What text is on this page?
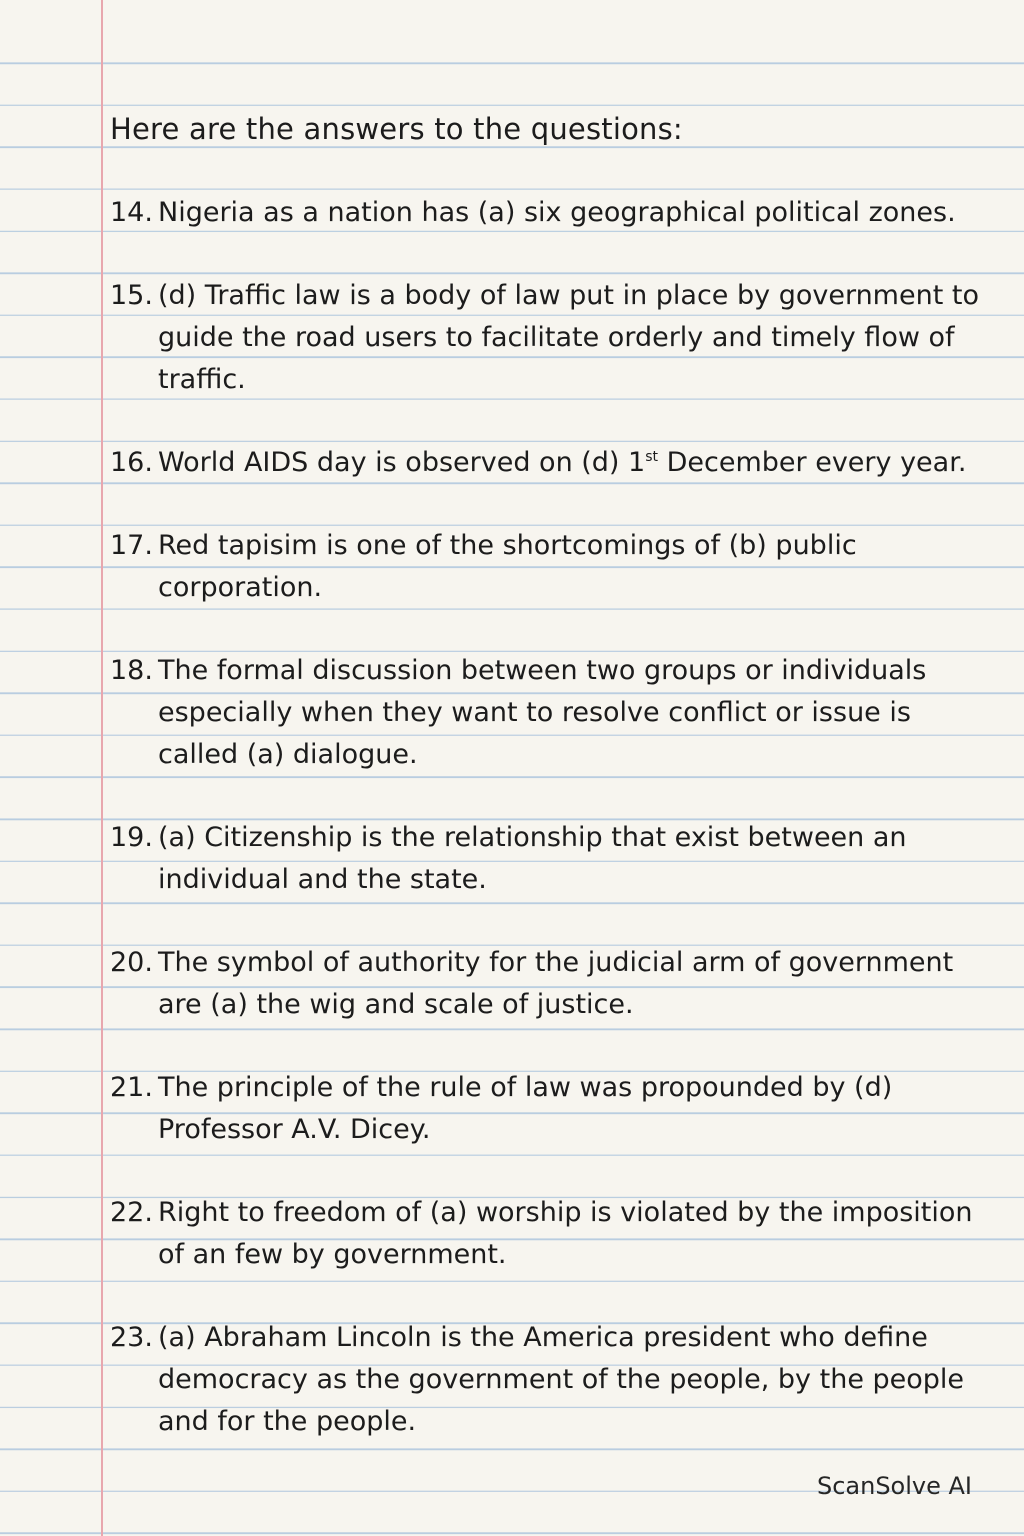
Here are the answers to the questions:
14. Nigeria as a nation has (a) six geographical political zones.
15. (d) Traffic law is a body of law put in place by government to guide the road users to facilitate orderly and timely flow of traffic.
16. World AIDS day is observed on (d) 1st December every year.
17. Red tapisim is one of the shortcomings of (b) public corporation.
18. The formal discussion between two groups or individuals especially when they want to resolve conflict or issue is called (a) dialogue.
19. (a) Citizenship is the relationship that exist between an individual and the state.
20. The symbol of authority for the judicial arm of government are (a) the wig and scale of justice.
21. The principle of the rule of law was propounded by (d) Professor A.V. Dicey.
22. Right to freedom of (a) worship is violated by the imposition of an few by government.
23. (a) Abraham Lincoln is the America president who define democracy as the government of the people, by the people and for the people.
ScanSolve AI
